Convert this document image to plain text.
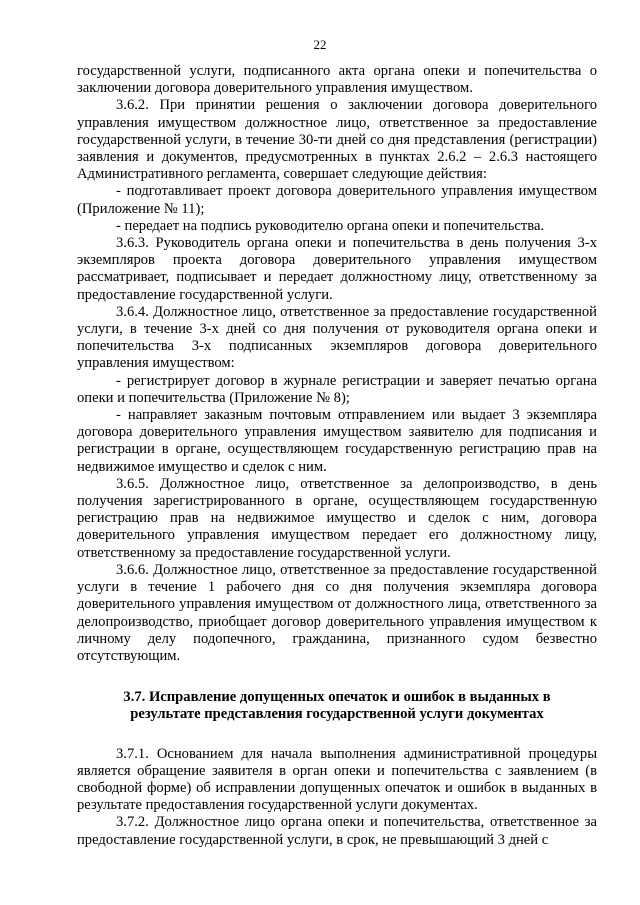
22

государственной услуги, подписанного акта органа опеки и попечительства о заключении договора доверительного управления имуществом.

3.6.2. При принятии решения о заключении договора доверительного управления имуществом должностное лицо, ответственное за предоставление государственной услуги, в течение 30-ти дней со дня представления (регистрации) заявления и документов, предусмотренных в пунктах 2.6.2 – 2.6.3 настоящего Административного регламента, совершает следующие действия:

- подготавливает проект договора доверительного управления имуществом (Приложение № 11);

- передает на подпись руководителю органа опеки и попечительства.

3.6.3. Руководитель органа опеки и попечительства в день получения 3-х экземпляров проекта договора доверительного управления имуществом рассматривает, подписывает и передает должностному лицу, ответственному за предоставление государственной услуги.

3.6.4. Должностное лицо, ответственное за предоставление государственной услуги, в течение 3-х дней со дня получения от руководителя органа опеки и попечительства 3-х подписанных экземпляров договора доверительного управления имуществом:

- регистрирует договор в журнале регистрации и заверяет печатью органа опеки и попечительства (Приложение № 8);

- направляет заказным почтовым отправлением или выдает 3 экземпляра договора доверительного управления имуществом заявителю для подписания и регистрации в органе, осуществляющем государственную регистрацию прав на недвижимое имущество и сделок с ним.

3.6.5. Должностное лицо, ответственное за делопроизводство, в день получения зарегистрированного в органе, осуществляющем государственную регистрацию прав на недвижимое имущество и сделок с ним, договора доверительного управления имуществом передает его должностному лицу, ответственному за предоставление государственной услуги.

3.6.6. Должностное лицо, ответственное за предоставление государственной услуги в течение 1 рабочего дня со дня получения экземпляра договора доверительного управления имуществом от должностного лица, ответственного за делопроизводство, приобщает договор доверительного управления имуществом к личному делу подопечного, гражданина, признанного судом безвестно отсутствующим.

3.7. Исправление допущенных опечаток и ошибок в выданных в результате представления государственной услуги документах

3.7.1. Основанием для начала выполнения административной процедуры является обращение заявителя в орган опеки и попечительства с заявлением (в свободной форме) об исправлении допущенных опечаток и ошибок в выданных в результате предоставления государственной услуги документах.

3.7.2. Должностное лицо органа опеки и попечительства, ответственное за предоставление государственной услуги, в срок, не превышающий 3 дней с
